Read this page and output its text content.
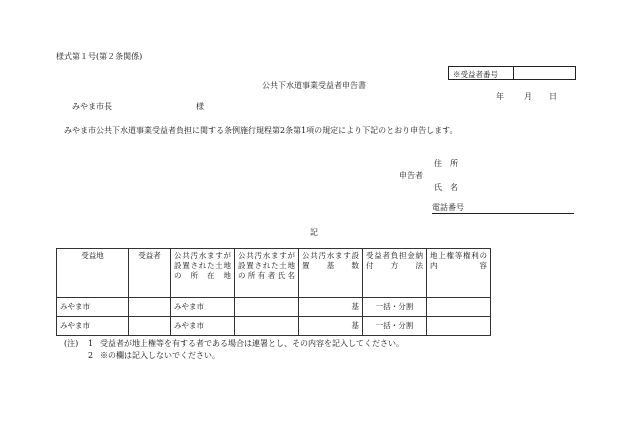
様式第１号(第２条関係)
※受益者番号
公共下水道事業受益者申告書
年	月 日
みやま市長	様
みやま市公共下水道事業受益者負担に関する条例施行規程第2条第1項の規定により下記のとおり申告します。
住　所
申告者
氏　名
電話番号
記
受益地	受益者	公共汚水ますが設置された土地の所在地	公共汚水ますが設置された土地の所有者氏名	公共汚水ます設置基数	受益者負担金納付方法	地上権等権利の内容
みやま市		みやま市		基	一括・分割	
みやま市		みやま市		基	一括・分割	
(注) 1 受益者が地上権等を有する者である場合は連署とし、その内容を記入してください。
2 ※の欄は記入しないでください。
